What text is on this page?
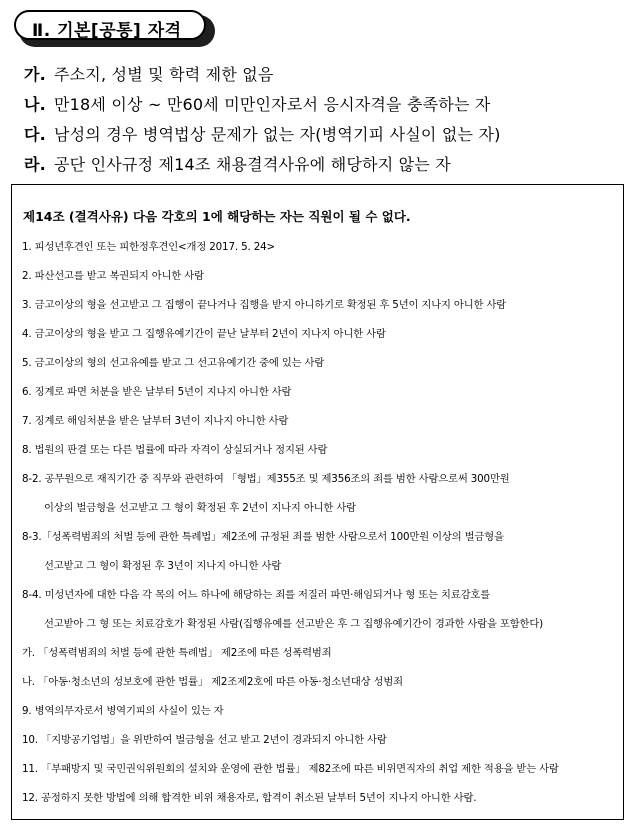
Ⅱ. 기본[공통] 자격
가. 주소지, 성별 및 학력 제한 없음
나. 만18세 이상 ~ 만60세 미만인자로서 응시자격을 충족하는 자
다. 남성의 경우 병역법상 문제가 없는 자(병역기피 사실이 없는 자)
라. 공단 인사규정 제14조 채용결격사유에 해당하지 않는 자
제14조 (결격사유) 다음 각호의 1에 해당하는 자는 직원이 될 수 없다.
1. 피성년후견인 또는 피한정후견인<개정 2017. 5. 24>
2. 파산선고를 받고 복권되지 아니한 사람
3. 금고이상의 형을 선고받고 그 집행이 끝나거나 집행을 받지 아니하기로 확정된 후 5년이 지나지 아니한 사람
4. 금고이상의 형을 받고 그 집행유예기간이 끝난 날부터 2년이 지나지 아니한 사람
5. 금고이상의 형의 선고유예를 받고 그 선고유예기간 중에 있는 사람
6. 징계로 파면 처분을 받은 날부터 5년이 지나지 아니한 사람
7. 징계로 해임처분을 받은 날부터 3년이 지나지 아니한 사람
8. 법원의 판결 또는 다른 법률에 따라 자격이 상실되거나 정지된 사람
8-2. 공무원으로 재직기간 중 직무와 관련하여 「형법」제355조 및 제356조의 죄를 범한 사람으로써 300만원
이상의 벌금형을 선고받고 그 형이 확정된 후 2년이 지나지 아니한 사람
8-3.「성폭력범죄의 처벌 등에 관한 특례법」제2조에 규정된 죄를 범한 사람으로서 100만원 이상의 벌금형을
선고받고 그 형이 확정된 후 3년이 지나지 아니한 사람
8-4. 미성년자에 대한 다음 각 목의 어느 하나에 해당하는 죄를 저질러 파면·해임되거나 형 또는 치료감호를
선고받아 그 형 또는 치료감호가 확정된 사람(집행유예를 선고받은 후 그 집행유예기간이 경과한 사람을 포함한다)
가. 「성폭력범죄의 처벌 등에 관한 특례법」 제2조에 따른 성폭력범죄
나. 「아동·청소년의 성보호에 관한 법률」 제2조제2호에 따른 아동·청소년대상 성범죄
9. 병역의무자로서 병역기피의 사실이 있는 자
10. 「지방공기업법」을 위반하여 벌금형을 선고 받고 2년이 경과되지 아니한 사람
11. 「부패방지 및 국민권익위원회의 설치와 운영에 관한 법률」 제82조에 따른 비위면직자의 취업 제한 적용을 받는 사람
12. 공정하지 못한 방법에 의해 합격한 비위 채용자로, 합격이 취소된 날부터 5년이 지나지 아니한 사람.
